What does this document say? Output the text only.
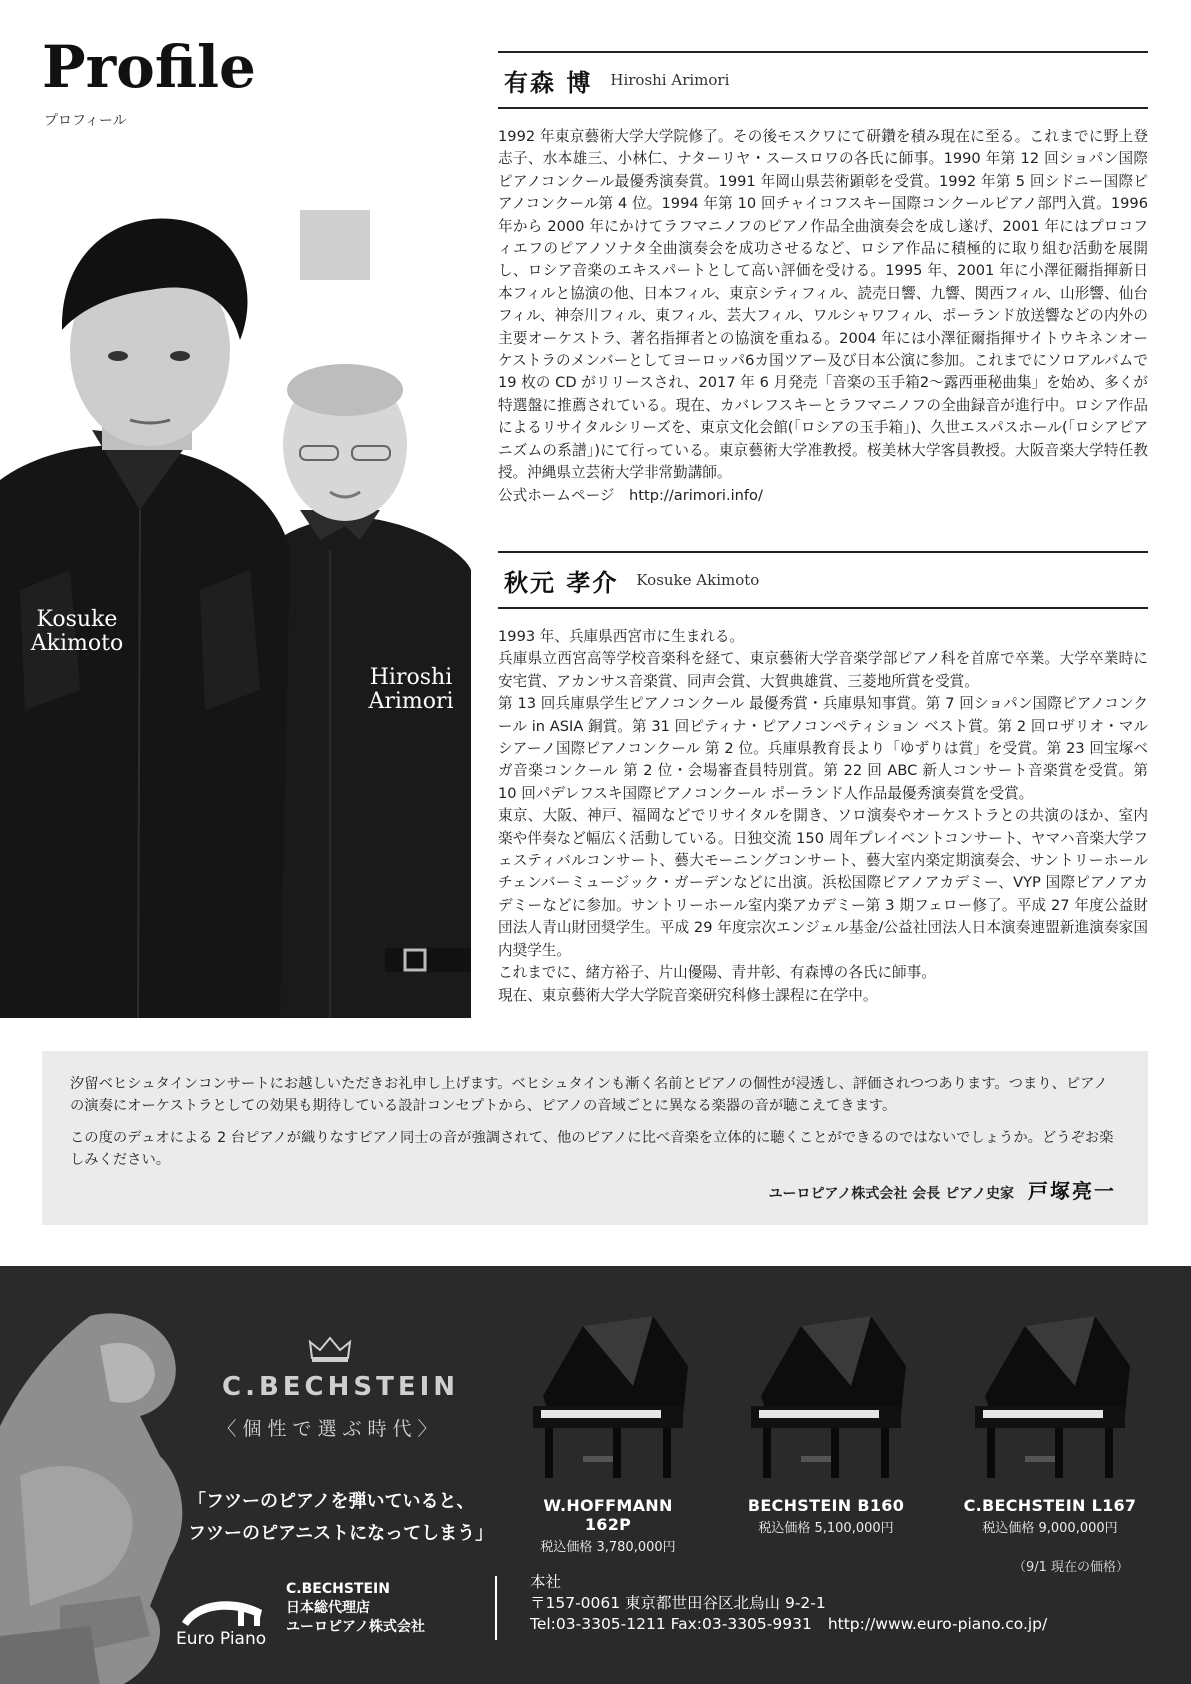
Profile
プロフィール
Kosuke
Akimoto
Hiroshi
Arimori
有森 博 Hiroshi Arimori

1992 年東京藝術大学大学院修了。その後モスクワにて研鑽を積み現在に至る。これまでに野上登志子、水本雄三、小林仁、ナターリヤ・スースロワの各氏に師事。1990 年第 12 回ショパン国際ピアノコンクール最優秀演奏賞。1991 年岡山県芸術顕彰を受賞。1992 年第 5 回シドニー国際ピアノコンクール第 4 位。1994 年第 10 回チャイコフスキー国際コンクールピアノ部門入賞。1996 年から 2000 年にかけてラフマニノフのピアノ作品全曲演奏会を成し遂げ、2001 年にはプロコフィエフのピアノソナタ全曲演奏会を成功させるなど、ロシア作品に積極的に取り組む活動を展開し、ロシア音楽のエキスパートとして高い評価を受ける。1995 年、2001 年に小澤征爾指揮新日本フィルと協演の他、日本フィル、東京シティフィル、読売日響、九響、関西フィル、山形響、仙台フィル、神奈川フィル、東フィル、芸大フィル、ワルシャワフィル、ポーランド放送響などの内外の主要オーケストラ、著名指揮者との協演を重ねる。2004 年には小澤征爾指揮サイトウキネンオーケストラのメンバーとしてヨーロッパ6カ国ツアー及び日本公演に参加。これまでにソロアルバムで 19 枚の CD がリリースされ、2017 年 6 月発売「音楽の玉手箱2〜露西亜秘曲集」を始め、多くが特選盤に推薦されている。現在、カバレフスキーとラフマニノフの全曲録音が進行中。ロシア作品によるリサイタルシリーズを、東京文化会館(「ロシアの玉手箱」)、久世エスパスホール(「ロシアピアニズムの系譜」)にて行っている。東京藝術大学准教授。桜美林大学客員教授。大阪音楽大学特任教授。沖縄県立芸術大学非常勤講師。

公式ホームページ　http://arimori.info/

秋元 孝介 Kosuke Akimoto

1993 年、兵庫県西宮市に生まれる。

兵庫県立西宮高等学校音楽科を経て、東京藝術大学音楽学部ピアノ科を首席で卒業。大学卒業時に安宅賞、アカンサス音楽賞、同声会賞、大賀典雄賞、三菱地所賞を受賞。

第 13 回兵庫県学生ピアノコンクール 最優秀賞・兵庫県知事賞。第 7 回ショパン国際ピアノコンクール in ASIA 銅賞。第 31 回ピティナ・ピアノコンペティション ベスト賞。第 2 回ロザリオ・マルシアーノ国際ピアノコンクール 第 2 位。兵庫県教育長より「ゆずりは賞」を受賞。第 23 回宝塚ベガ音楽コンクール 第 2 位・会場審査員特別賞。第 22 回 ABC 新人コンサート音楽賞を受賞。第 10 回パデレフスキ国際ピアノコンクール ポーランド人作品最優秀演奏賞を受賞。

東京、大阪、神戸、福岡などでリサイタルを開き、ソロ演奏やオーケストラとの共演のほか、室内楽や伴奏など幅広く活動している。日独交流 150 周年プレイベントコンサート、ヤマハ音楽大学フェスティバルコンサート、藝大モーニングコンサート、藝大室内楽定期演奏会、サントリーホール チェンバーミュージック・ガーデンなどに出演。浜松国際ピアノアカデミー、VYP 国際ピアノアカデミーなどに参加。サントリーホール室内楽アカデミー第 3 期フェロー修了。平成 27 年度公益財団法人青山財団奨学生。平成 29 年度宗次エンジェル基金/公益社団法人日本演奏連盟新進演奏家国内奨学生。

これまでに、緒方裕子、片山優陽、青井彰、有森博の各氏に師事。

現在、東京藝術大学大学院音楽研究科修士課程に在学中。

汐留ベヒシュタインコンサートにお越しいただきお礼申し上げます。ベヒシュタインも漸く名前とピアノの個性が浸透し、評価されつつあります。つまり、ピアノの演奏にオーケストラとしての効果も期待している設計コンセプトから、ピアノの音域ごとに異なる楽器の音が聴こえてきます。

この度のデュオによる 2 台ピアノが織りなすピアノ同士の音が強調されて、他のピアノに比べ音楽を立体的に聴くことができるのではないでしょうか。どうぞお楽しみください。

ユーロピアノ株式会社 会長 ピアノ史家 戸塚亮一
C.BECHSTEIN
〈個性で選ぶ時代〉
「フツーのピアノを弾いていると、
フツーのピアニストになってしまう」
W.HOFFMANN 162P
税込価格 3,780,000円
BECHSTEIN B160
税込価格 5,100,000円
C.BECHSTEIN L167
税込価格 9,000,000円
（9/1 現在の価格）
Euro Piano
C.BECHSTEIN
日本総代理店
ユーロピアノ株式会社
本社
〒157-0061 東京都世田谷区北烏山 9-2-1
Tel:03-3305-1211 Fax:03-3305-9931 http://www.euro-piano.co.jp/
